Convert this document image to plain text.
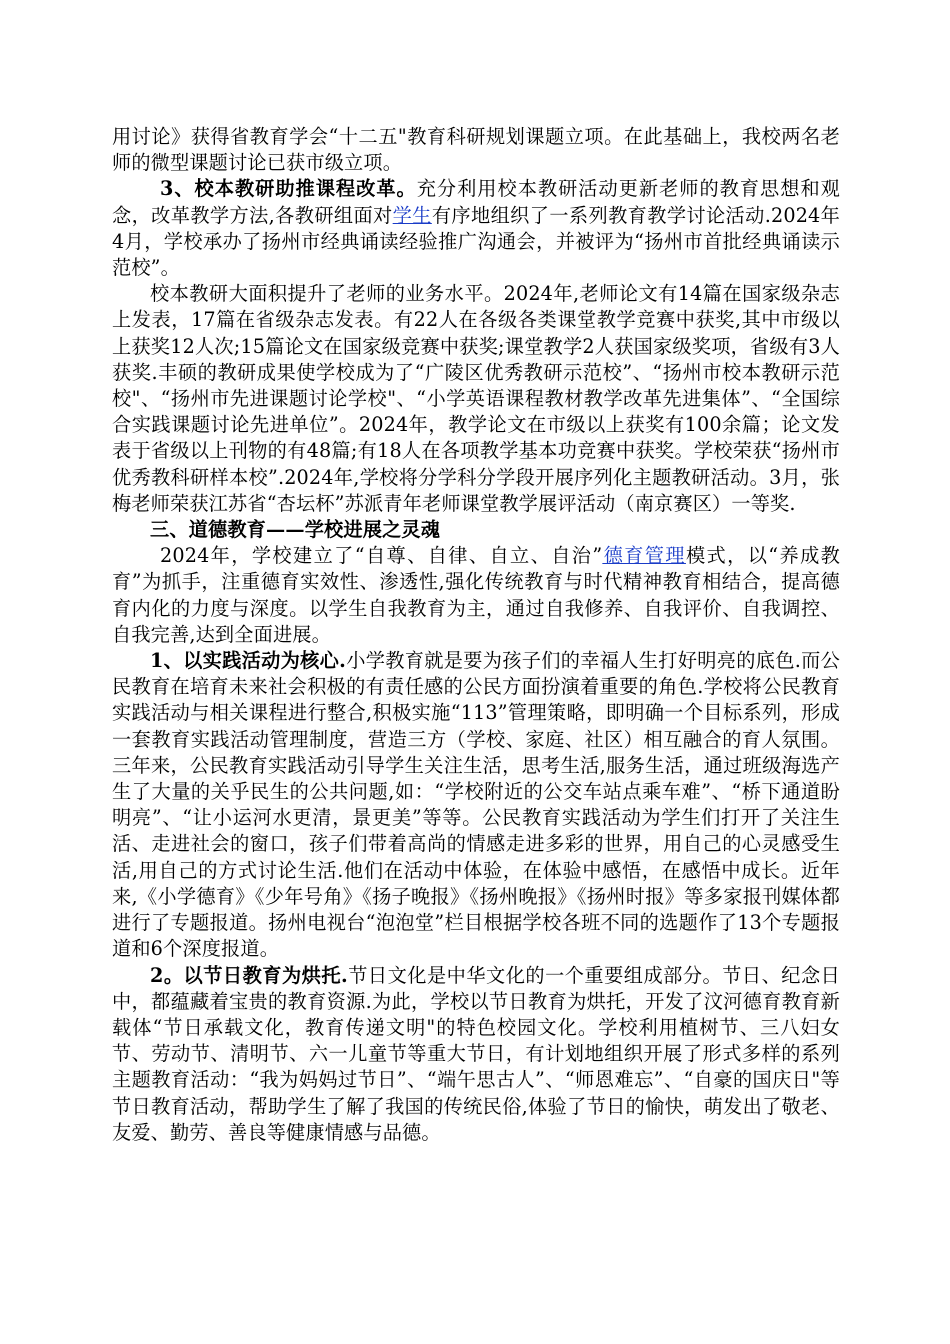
用讨论》获得省教育学会“十二五"教育科研规划课题立项。在此基础上，我校两名老师的微型课题讨论已获市级立项。

3、校本教研助推课程改革。充分利用校本教研活动更新老师的教育思想和观念，改革教学方法,各教研组面对学生有序地组织了一系列教育教学讨论活动.2024年4月，学校承办了扬州市经典诵读经验推广沟通会，并被评为“扬州市首批经典诵读示范校”。

校本教研大面积提升了老师的业务水平。2024年,老师论文有14篇在国家级杂志上发表，17篇在省级杂志发表。有22人在各级各类课堂教学竞赛中获奖,其中市级以上获奖12人次;15篇论文在国家级竞赛中获奖;课堂教学2人获国家级奖项，省级有3人获奖.丰硕的教研成果使学校成为了“广陵区优秀教研示范校”、“扬州市校本教研示范校"、“扬州市先进课题讨论学校"、“小学英语课程教材教学改革先进集体”、“全国综合实践课题讨论先进单位”。2024年，教学论文在市级以上获奖有100余篇；论文发表于省级以上刊物的有48篇;有18人在各项教学基本功竞赛中获奖。学校荣获“扬州市优秀教科研样本校”.2024年,学校将分学科分学段开展序列化主题教研活动。3月，张梅老师荣获江苏省“杏坛杯”苏派青年老师课堂教学展评活动（南京赛区）一等奖.

三、道德教育——学校进展之灵魂

2024年，学校建立了“自尊、自律、自立、自治”德育管理模式，以“养成教育”为抓手，注重德育实效性、渗透性,强化传统教育与时代精神教育相结合，提高德育内化的力度与深度。以学生自我教育为主，通过自我修养、自我评价、自我调控、自我完善,达到全面进展。

1、以实践活动为核心.小学教育就是要为孩子们的幸福人生打好明亮的底色.而公民教育在培育未来社会积极的有责任感的公民方面扮演着重要的角色.学校将公民教育实践活动与相关课程进行整合,积极实施“113”管理策略，即明确一个目标系列，形成一套教育实践活动管理制度，营造三方（学校、家庭、社区）相互融合的育人氛围。三年来，公民教育实践活动引导学生关注生活，思考生活,服务生活，通过班级海选产生了大量的关乎民生的公共问题,如：“学校附近的公交车站点乘车难”、“桥下通道盼明亮”、“让小运河水更清，景更美”等等。公民教育实践活动为学生们打开了关注生活、走进社会的窗口，孩子们带着高尚的情感走进多彩的世界，用自己的心灵感受生活,用自己的方式讨论生活.他们在活动中体验，在体验中感悟，在感悟中成长。近年来,《小学德育》《少年号角》《扬子晚报》《扬州晚报》《扬州时报》等多家报刊媒体都进行了专题报道。扬州电视台“泡泡堂”栏目根据学校各班不同的选题作了13个专题报道和6个深度报道。

2。以节日教育为烘托.节日文化是中华文化的一个重要组成部分。节日、纪念日中，都蕴藏着宝贵的教育资源.为此，学校以节日教育为烘托，开发了汶河德育教育新载体“节日承载文化，教育传递文明"的特色校园文化。学校利用植树节、三八妇女节、劳动节、清明节、六一儿童节等重大节日，有计划地组织开展了形式多样的系列主题教育活动：“我为妈妈过节日”、“端午思古人”、“师恩难忘”、“自豪的国庆日"等节日教育活动，帮助学生了解了我国的传统民俗,体验了节日的愉快，萌发出了敬老、友爱、勤劳、善良等健康情感与品德。
